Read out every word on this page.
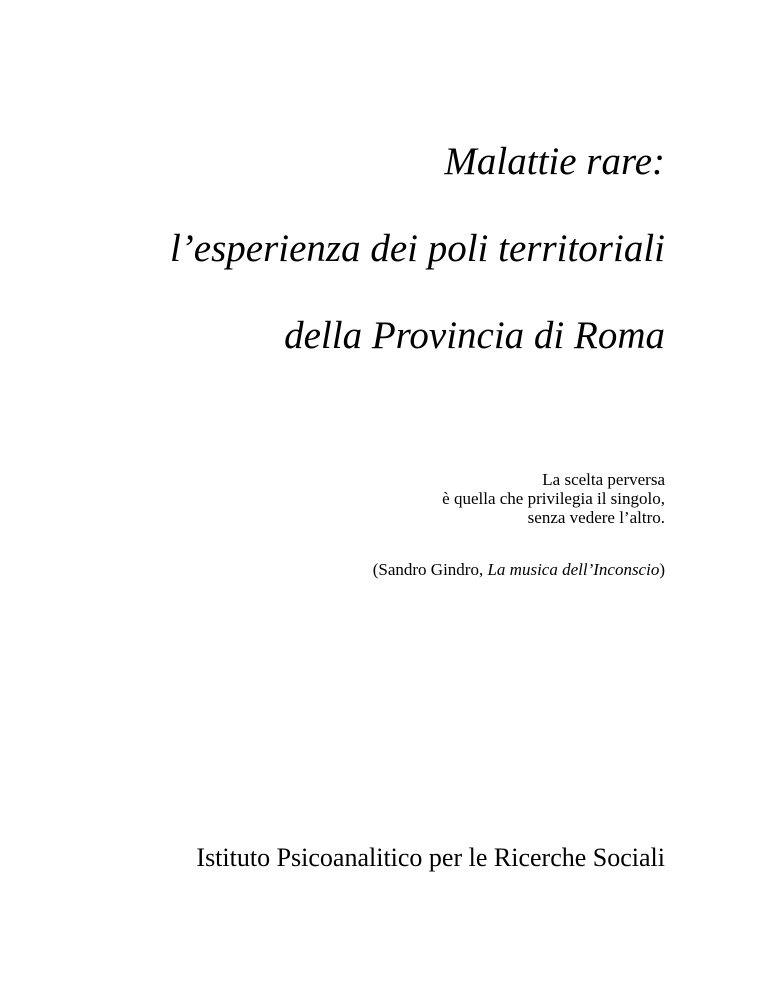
Malattie rare:
l’esperienza dei poli territoriali
della Provincia di Roma
La scelta perversa
è quella che privilegia il singolo,
senza vedere l’altro.
(Sandro Gindro, La musica dell’Inconscio)
Istituto Psicoanalitico per le Ricerche Sociali
